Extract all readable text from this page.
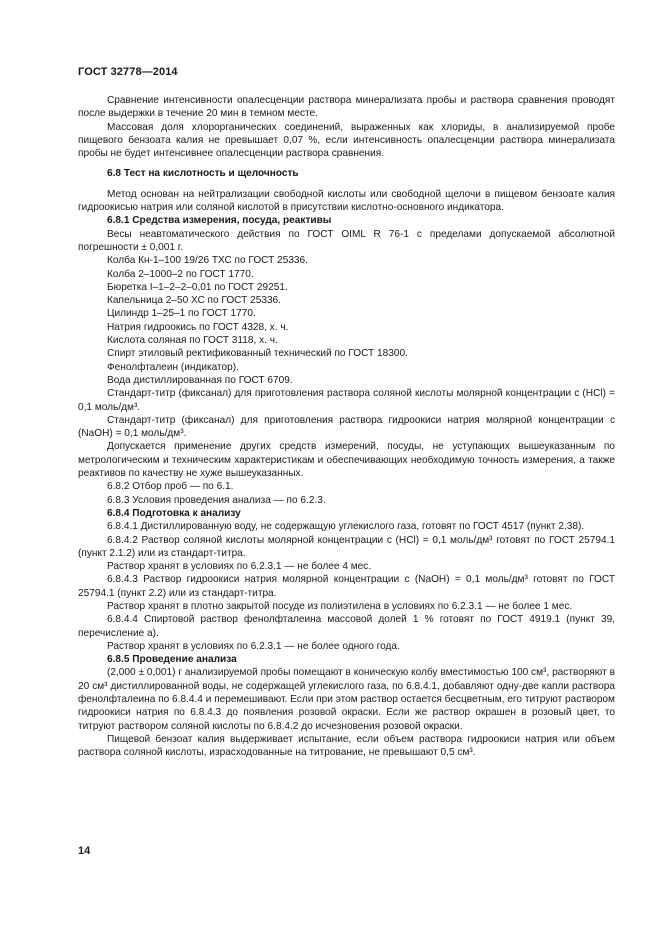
ГОСТ 32778—2014

Сравнение интенсивности опалесценции раствора минерализата пробы и раствора сравнения проводят после выдержки в течение 20 мин в темном месте.

Массовая доля хлорорганических соединений, выраженных как хлориды, в анализируемой пробе пищевого бензоата калия не превышает 0,07 %, если интенсивность опалесценции раствора минерализата пробы не будет интенсивнее опалесценции раствора сравнения.

6.8 Тест на кислотность и щелочность

Метод основан на нейтрализации свободной кислоты или свободной щелочи в пищевом бензоате калия гидроокисью натрия или соляной кислотой в присутствии кислотно-основного индикатора.

6.8.1 Средства измерения, посуда, реактивы

Весы неавтоматического действия по ГОСТ OIML R 76-1 с пределами допускаемой абсолютной погрешности ± 0,001 г.

Колба Кн-1–100 19/26 ТХС по ГОСТ 25336.

Колба 2–1000–2 по ГОСТ 1770.

Бюретка I–1–2–2–0,01 по ГОСТ 29251.

Капельница 2–50 ХС по ГОСТ 25336.

Цилиндр 1–25–1 по ГОСТ 1770.

Натрия гидроокись по ГОСТ 4328, х. ч.

Кислота соляная по ГОСТ 3118, х. ч.

Спирт этиловый ректификованный технический по ГОСТ 18300.

Фенолфталеин (индикатор).

Вода дистиллированная по ГОСТ 6709.

Стандарт-титр (фиксанал) для приготовления раствора соляной кислоты молярной концентрации с (HCl) = 0,1 моль/дм³.

Стандарт-титр (фиксанал) для приготовления раствора гидроокиси натрия молярной концентрации с (NaOH) = 0,1 моль/дм³.

Допускается применение других средств измерений, посуды, не уступающих вышеуказанным по метрологическим и техническим характеристикам и обеспечивающих необходимую точность измерения, а также реактивов по качеству не хуже вышеуказанных.

6.8.2 Отбор проб — по 6.1.

6.8.3 Условия проведения анализа — по 6.2.3.

6.8.4 Подготовка к анализу

6.8.4.1 Дистиллированную воду, не содержащую углекислого газа, готовят по ГОСТ 4517 (пункт 2.38).

6.8.4.2 Раствор соляной кислоты молярной концентрации с (HCl) = 0,1 моль/дм³ готовят по ГОСТ 25794.1 (пункт 2.1.2) или из стандарт-титра.

Раствор хранят в условиях по 6.2.3.1 — не более 4 мес.

6.8.4.3 Раствор гидроокиси натрия молярной концентрации с (NaOH) = 0,1 моль/дм³ готовят по ГОСТ 25794.1 (пункт 2.2) или из стандарт-титра.

Раствор хранят в плотно закрытой посуде из полиэтилена в условиях по 6.2.3.1 — не более 1 мес.

6.8.4.4 Спиртовой раствор фенолфталеина массовой долей 1 % готовят по ГОСТ 4919.1 (пункт 39, перечисление а).

Раствор хранят в условиях по 6.2.3.1 — не более одного года.

6.8.5 Проведение анализа

(2,000 ± 0,001) г анализируемой пробы помещают в коническую колбу вместимостью 100 см³, растворяют в 20 см³ дистиллированной воды, не содержащей углекислого газа, по 6.8.4.1, добавляют одну-две капли раствора фенолфталеина по 6.8.4.4 и перемешивают. Если при этом раствор остается бесцветным, его титруют раствором гидроокиси натрия по 6.8.4.3 до появления розовой окраски. Если же раствор окрашен в розовый цвет, то титруют раствором соляной кислоты по 6.8.4.2 до исчезновения розовой окраски.

Пищевой бензоат калия выдерживает испытание, если объем раствора гидроокиси натрия или объем раствора соляной кислоты, израсходованные на титрование, не превышают 0,5 см³.

14
